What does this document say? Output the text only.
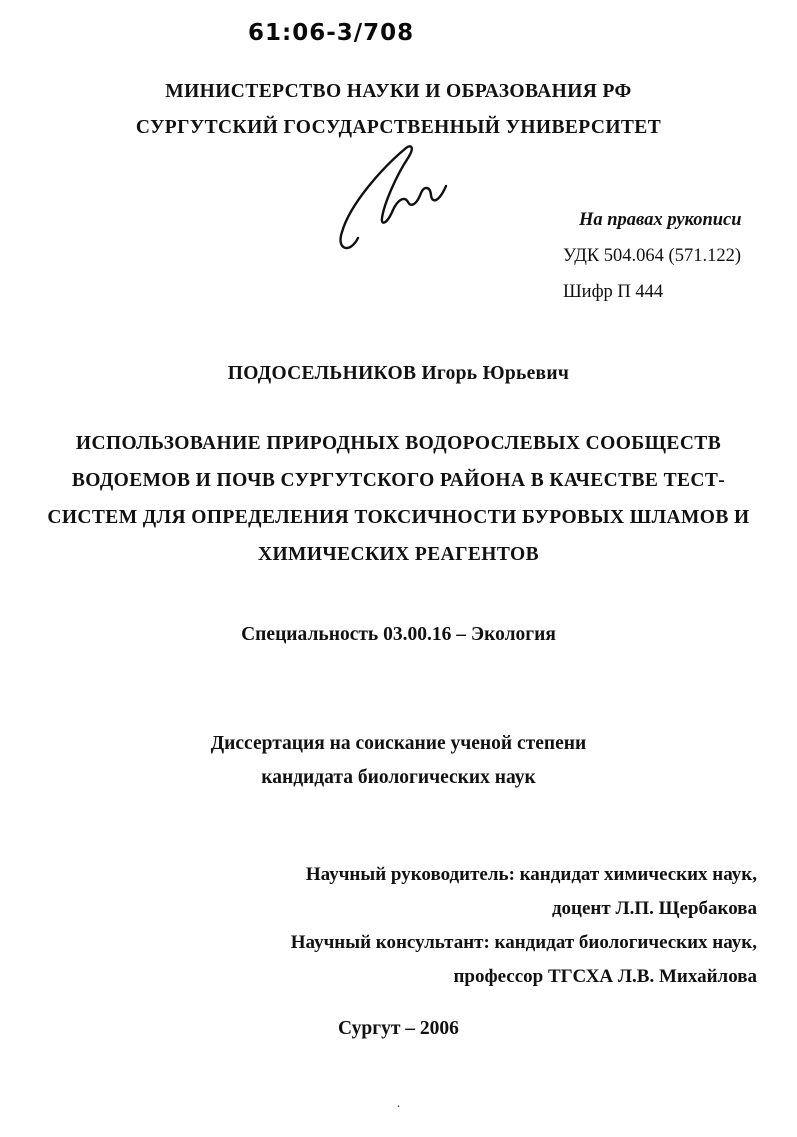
61:06-3/708
МИНИСТЕРСТВО НАУКИ И ОБРАЗОВАНИЯ РФ
СУРГУТСКИЙ ГОСУДАРСТВЕННЫЙ УНИВЕРСИТЕТ
На правах рукописи
УДК 504.064 (571.122)
Шифр П 444
ПОДОСЕЛЬНИКОВ Игорь Юрьевич
ИСПОЛЬЗОВАНИЕ ПРИРОДНЫХ ВОДОРОСЛЕВЫХ СООБЩЕСТВ
ВОДОЕМОВ И ПОЧВ СУРГУТСКОГО РАЙОНА В КАЧЕСТВЕ ТЕСТ-
СИСТЕМ ДЛЯ ОПРЕДЕЛЕНИЯ ТОКСИЧНОСТИ БУРОВЫХ ШЛАМОВ И
ХИМИЧЕСКИХ РЕАГЕНТОВ
Специальность 03.00.16 – Экология
Диссертация на соискание ученой степени
кандидата биологических наук
Научный руководитель: кандидат химических наук,
доцент Л.П. Щербакова
Научный консультант: кандидат биологических наук,
профессор ТГСХА Л.В. Михайлова
Сургут – 2006
.
